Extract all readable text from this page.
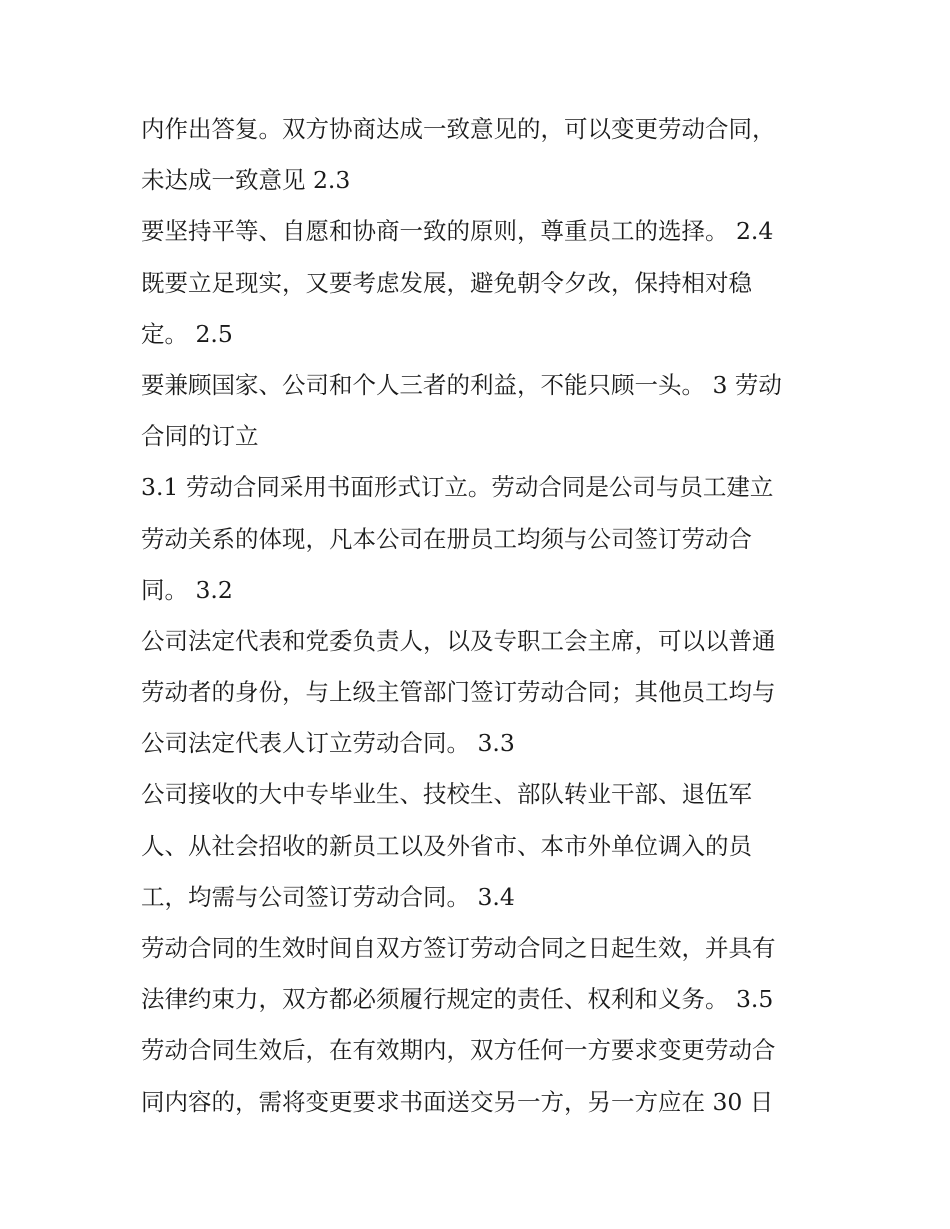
内作出答复。双方协商达成一致意见的，可以变更劳动合同，
未达成一致意见 2.3
要坚持平等、自愿和协商一致的原则，尊重员工的选择。 2.4
既要立足现实，又要考虑发展，避免朝令夕改，保持相对稳
定。 2.5
要兼顾国家、公司和个人三者的利益，不能只顾一头。 3 劳动
合同的订立
3.1 劳动合同采用书面形式订立。劳动合同是公司与员工建立
劳动关系的体现，凡本公司在册员工均须与公司签订劳动合
同。 3.2
公司法定代表和党委负责人，以及专职工会主席，可以以普通
劳动者的身份，与上级主管部门签订劳动合同；其他员工均与
公司法定代表人订立劳动合同。 3.3
公司接收的大中专毕业生、技校生、部队转业干部、退伍军
人、从社会招收的新员工以及外省市、本市外单位调入的员
工，均需与公司签订劳动合同。 3.4
劳动合同的生效时间自双方签订劳动合同之日起生效，并具有
法律约束力，双方都必须履行规定的责任、权利和义务。 3.5
劳动合同生效后，在有效期内，双方任何一方要求变更劳动合
同内容的，需将变更要求书面送交另一方，另一方应在 30 日
